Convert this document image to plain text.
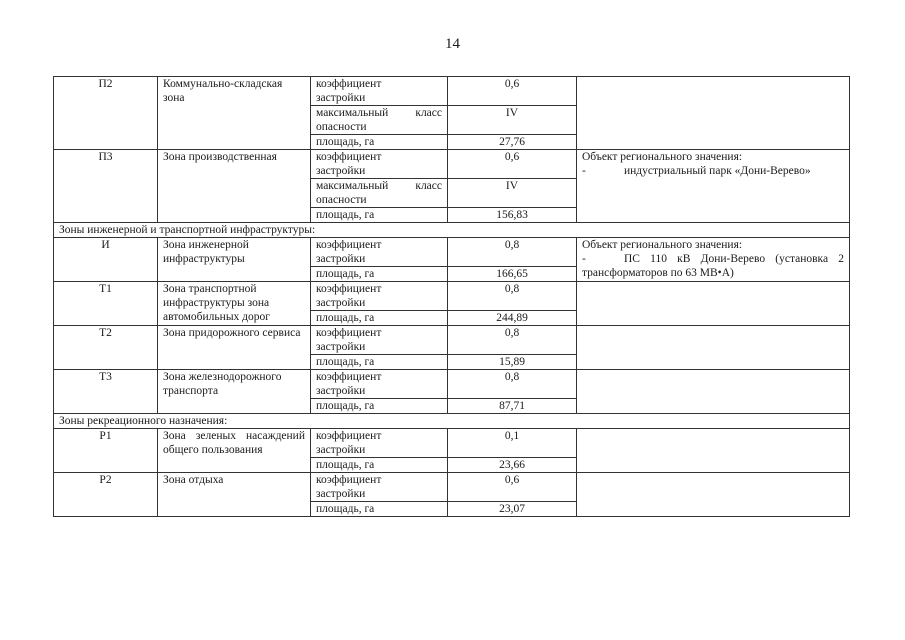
14
П2	Коммунально-складская зона	коэффициент
застройки	0,6	

		максимальный класс
опасности	IV	
		площадь, га	27,76	
П3	Зона производственная	коэффициент
застройки	0,6	Объект регионального значения:
- индустриальный парк «Дони-Верево»

		максимальный класс
опасности	IV	
		площадь, га	156,83	
Зоны инженерной и транспортной инфраструктуры:				
И	Зона инженерной инфраструктуры	коэффициент
застройки	0,8	Объект регионального значения:
- ПС 110 кВ Дони-Верево (установка 2 трансформаторов по 63 МВ•А)

		площадь, га	166,65	
Т1	Зона транспортной инфраструктуры зона автомобильных дорог	коэффициент
застройки	0,8	
		площадь, га	244,89	
Т2	Зона придорожного сервиса	коэффициент
застройки	0,8	
		площадь, га	15,89	
Т3	Зона железнодорожного транспорта	коэффициент
застройки	0,8	
		площадь, га	87,71	
Зоны рекреационного назначения:				
Р1	Зона зеленых насаждений общего пользования	коэффициент
застройки	0,1	
		площадь, га	23,66	
Р2	Зона отдыха	коэффициент
застройки	0,6	
		площадь, га	23,07	
